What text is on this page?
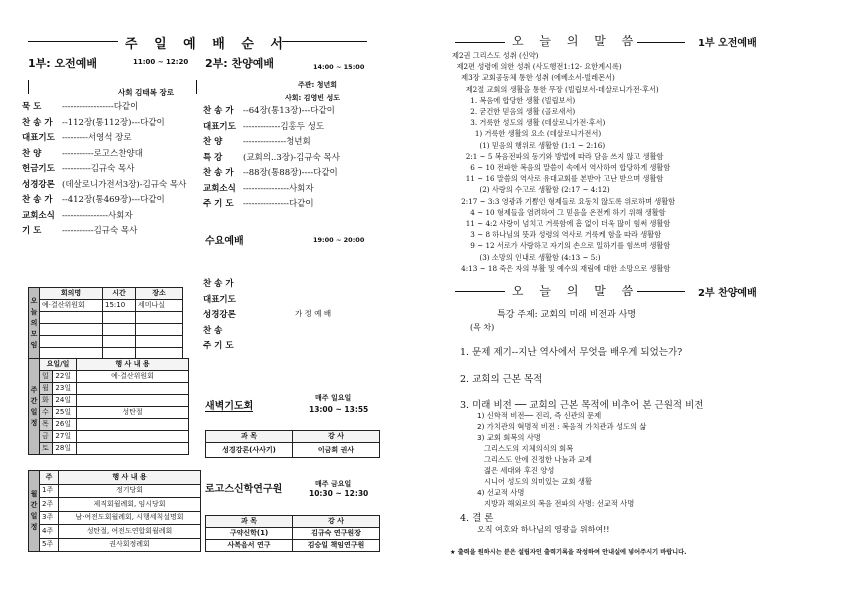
주 일 예 배 순 서
1부: 오전예배	11:00 ~ 12:20
사회 김태복 장로
묵 도 ------------------다같이
찬 송 가 --112장(통112장)---다같이
대표기도 ---------서영석 장로
찬 양 -----------로고스찬양대
헌금기도 ----------김규숙 목사
성경강론 (데살로니가전서3장)-김규숙 목사
찬 송 가 --412장(통469장)---다같이
교회소식 ----------------사회자
기 도 -----------김규숙 목사
2부: 찬양예배	14:00 ~ 15:00
주관: 청년회
사회: 김영빈 성도
찬 송 가 --64장(통13장)---다같이
대표기도 -------------김홍두 성도
찬 양 ---------------청년회
특 강 (교회의..3장)-김규숙 목사
찬 송 가 --88장(통88장)----다같이
교회소식 ----------------사회자
주 기 도 ----------------다같이
수요예배	19:00 ~ 20:00
찬 송 가
대표기도
성경강론
찬 송
주 기 도
가 정 예 배
오늘의모임	회의명	시간	장소
	예·결산위원회	15:10	세미나실

주간일정	요일/일		행 사 내 용
	일	22일	예·결산위원회
	월	23일	
	화	24일	
	수	25일	성탄절
	목	26일	
	금	27일	
	토	28일	
월간일정	주	행 사 내 용
	1주	정기당회
	2주	제직회월례회, 임시당회
	3주	남·여전도회월례회, 시행세칙설명회
	4주	성탄절, 여전도연합회월례회
	5주	권사회정례회
새벽기도회
매주 일요일
13:00 ~ 13:55
과 목	강 사
성경강론(사사기)	이금희 권사
로고스신학연구원	매주 금요일
10:30 ~ 12:30
과 목	강 사
구약신학(1)	김규숙 연구원장
사복음서 연구	김승일 책임연구원
오 늘 의 말 씀	1부 오전예배
제2권 그리스도 성취 (신약)
제2편 성령에 의한 성취 (사도행전1:12- 요한계시록)
제3장 교회공동체 통한 성취 (에베소서-빌레몬서)
제2절 교회의 생활을 통한 무장 (빌립보서-데살로니가전·후서)
1. 복음에 합당한 생활 (빌립보서)
2. 굳건한 믿음의 생활 (골로새서)
3. 거룩한 성도의 생활 (데살로니가전·후서)
1) 거룩한 생활의 요소 (데살로니가전서)
(1) 믿음의 행위로 생활함 (1:1 ~ 2:16)
2:1 ~ 5 복음전파의 동기와 방법에 따라 담음 쓰지 않고 생활함
6 ~ 10 전파한 복음의 말씀이 속에서 역사하여 합당하게 생활함
11 ~ 16 말씀의 역사로 유대교회를 본받아 고난 받으며 생활함
(2) 사랑의 수고로 생활함 (2:17 ~ 4:12)
2:17 ~ 3:3 영광과 기쁨인 형제들로 요동치 않도록 위로하며 생활함
4 ~ 10 형제들을 염려하여 그 믿음을 온전케 하기 위해 생활함
11 ~ 4:2 사랑이 넘치고 거룩함에 흠 없이 더욱 많이 힘써 생활함
3 ~ 8 하나님의 뜻과 성령의 역사로 거룩케 함을 따라 생활함
9 ~ 12 서로가 사랑하고 자기의 손으로 일하기를 힘쓰며 생활함
(3) 소망의 인내로 생활함 (4:13 ~ 5:)
4:13 ~ 18 죽은 자의 부활 및 예수의 재림에 대한 소망으로 생활함
오 늘 의 말 씀	2부 찬양예배
특강 주제: 교회의 미래 비전과 사명
(목 차)
1. 문제 제기--지난 역사에서 무엇을 배우게 되었는가?
2. 교회의 근본 목적
3. 미래 비전 ── 교회의 근본 목적에 비추어 본 근원적 비전
1) 신학적 비전── 진리, 즉 신관의 문제
2) 가치관의 혁명적 비전 : 복음적 가치관과 성도의 삶
3) 교회 회복의 사명
그리스도의 지체의식의 회복
그리스도 안에 진정한 나눔과 교제
젊은 세대와 후진 양성
시니어 성도의 의미있는 교회 생활
4) 선교적 사명
지방과 해외로의 복음 전파의 사명: 선교적 사명
4. 결 론
오직 여호와 하나님의 영광을 위하여!!
★ 출력을 원하시는 분은 설립자인 출력기록을 작성하여 안내실에 넣어주시기 바랍니다.
